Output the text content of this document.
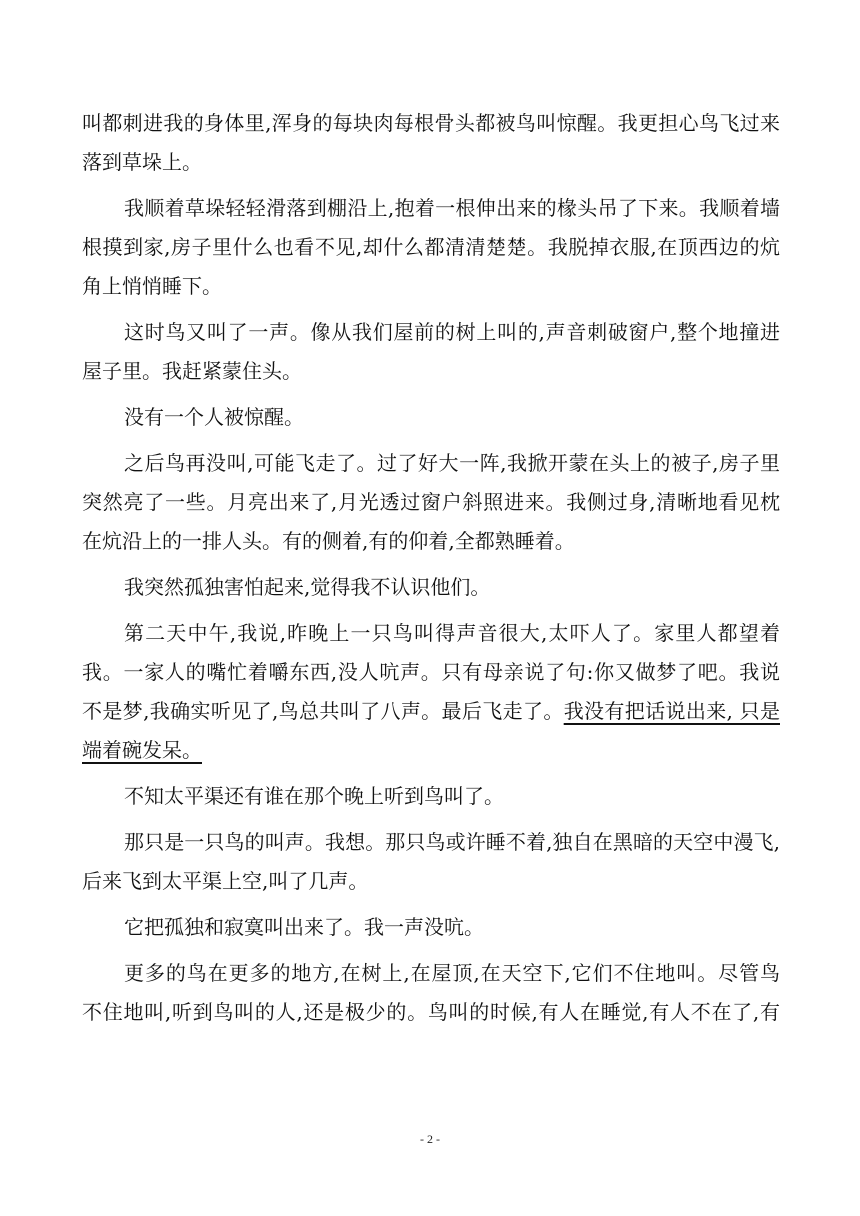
叫都刺进我的身体里,浑身的每块肉每根骨头都被鸟叫惊醒。我更担心鸟飞过来

落到草垛上。

我顺着草垛轻轻滑落到棚沿上,抱着一根伸出来的椽头吊了下来。我顺着墙

根摸到家,房子里什么也看不见,却什么都清清楚楚。我脱掉衣服,在顶西边的炕

角上悄悄睡下。

这时鸟又叫了一声。像从我们屋前的树上叫的,声音刺破窗户,整个地撞进

屋子里。我赶紧蒙住头。

没有一个人被惊醒。

之后鸟再没叫,可能飞走了。过了好大一阵,我掀开蒙在头上的被子,房子里

突然亮了一些。月亮出来了,月光透过窗户斜照进来。我侧过身,清晰地看见枕

在炕沿上的一排人头。有的侧着,有的仰着,全都熟睡着。

我突然孤独害怕起来,觉得我不认识他们。

第二天中午,我说,昨晚上一只鸟叫得声音很大,太吓人了。家里人都望着

我。一家人的嘴忙着嚼东西,没人吭声。只有母亲说了句:你又做梦了吧。我说

不是梦,我确实听见了,鸟总共叫了八声。最后飞走了。我没有把话说出来, 只是

端着碗发呆。

不知太平渠还有谁在那个晚上听到鸟叫了。

那只是一只鸟的叫声。我想。那只鸟或许睡不着,独自在黑暗的天空中漫飞,

后来飞到太平渠上空,叫了几声。

它把孤独和寂寞叫出来了。我一声没吭。

更多的鸟在更多的地方,在树上,在屋顶,在天空下,它们不住地叫。尽管鸟

不住地叫,听到鸟叫的人,还是极少的。鸟叫的时候,有人在睡觉,有人不在了,有

- 2 -
